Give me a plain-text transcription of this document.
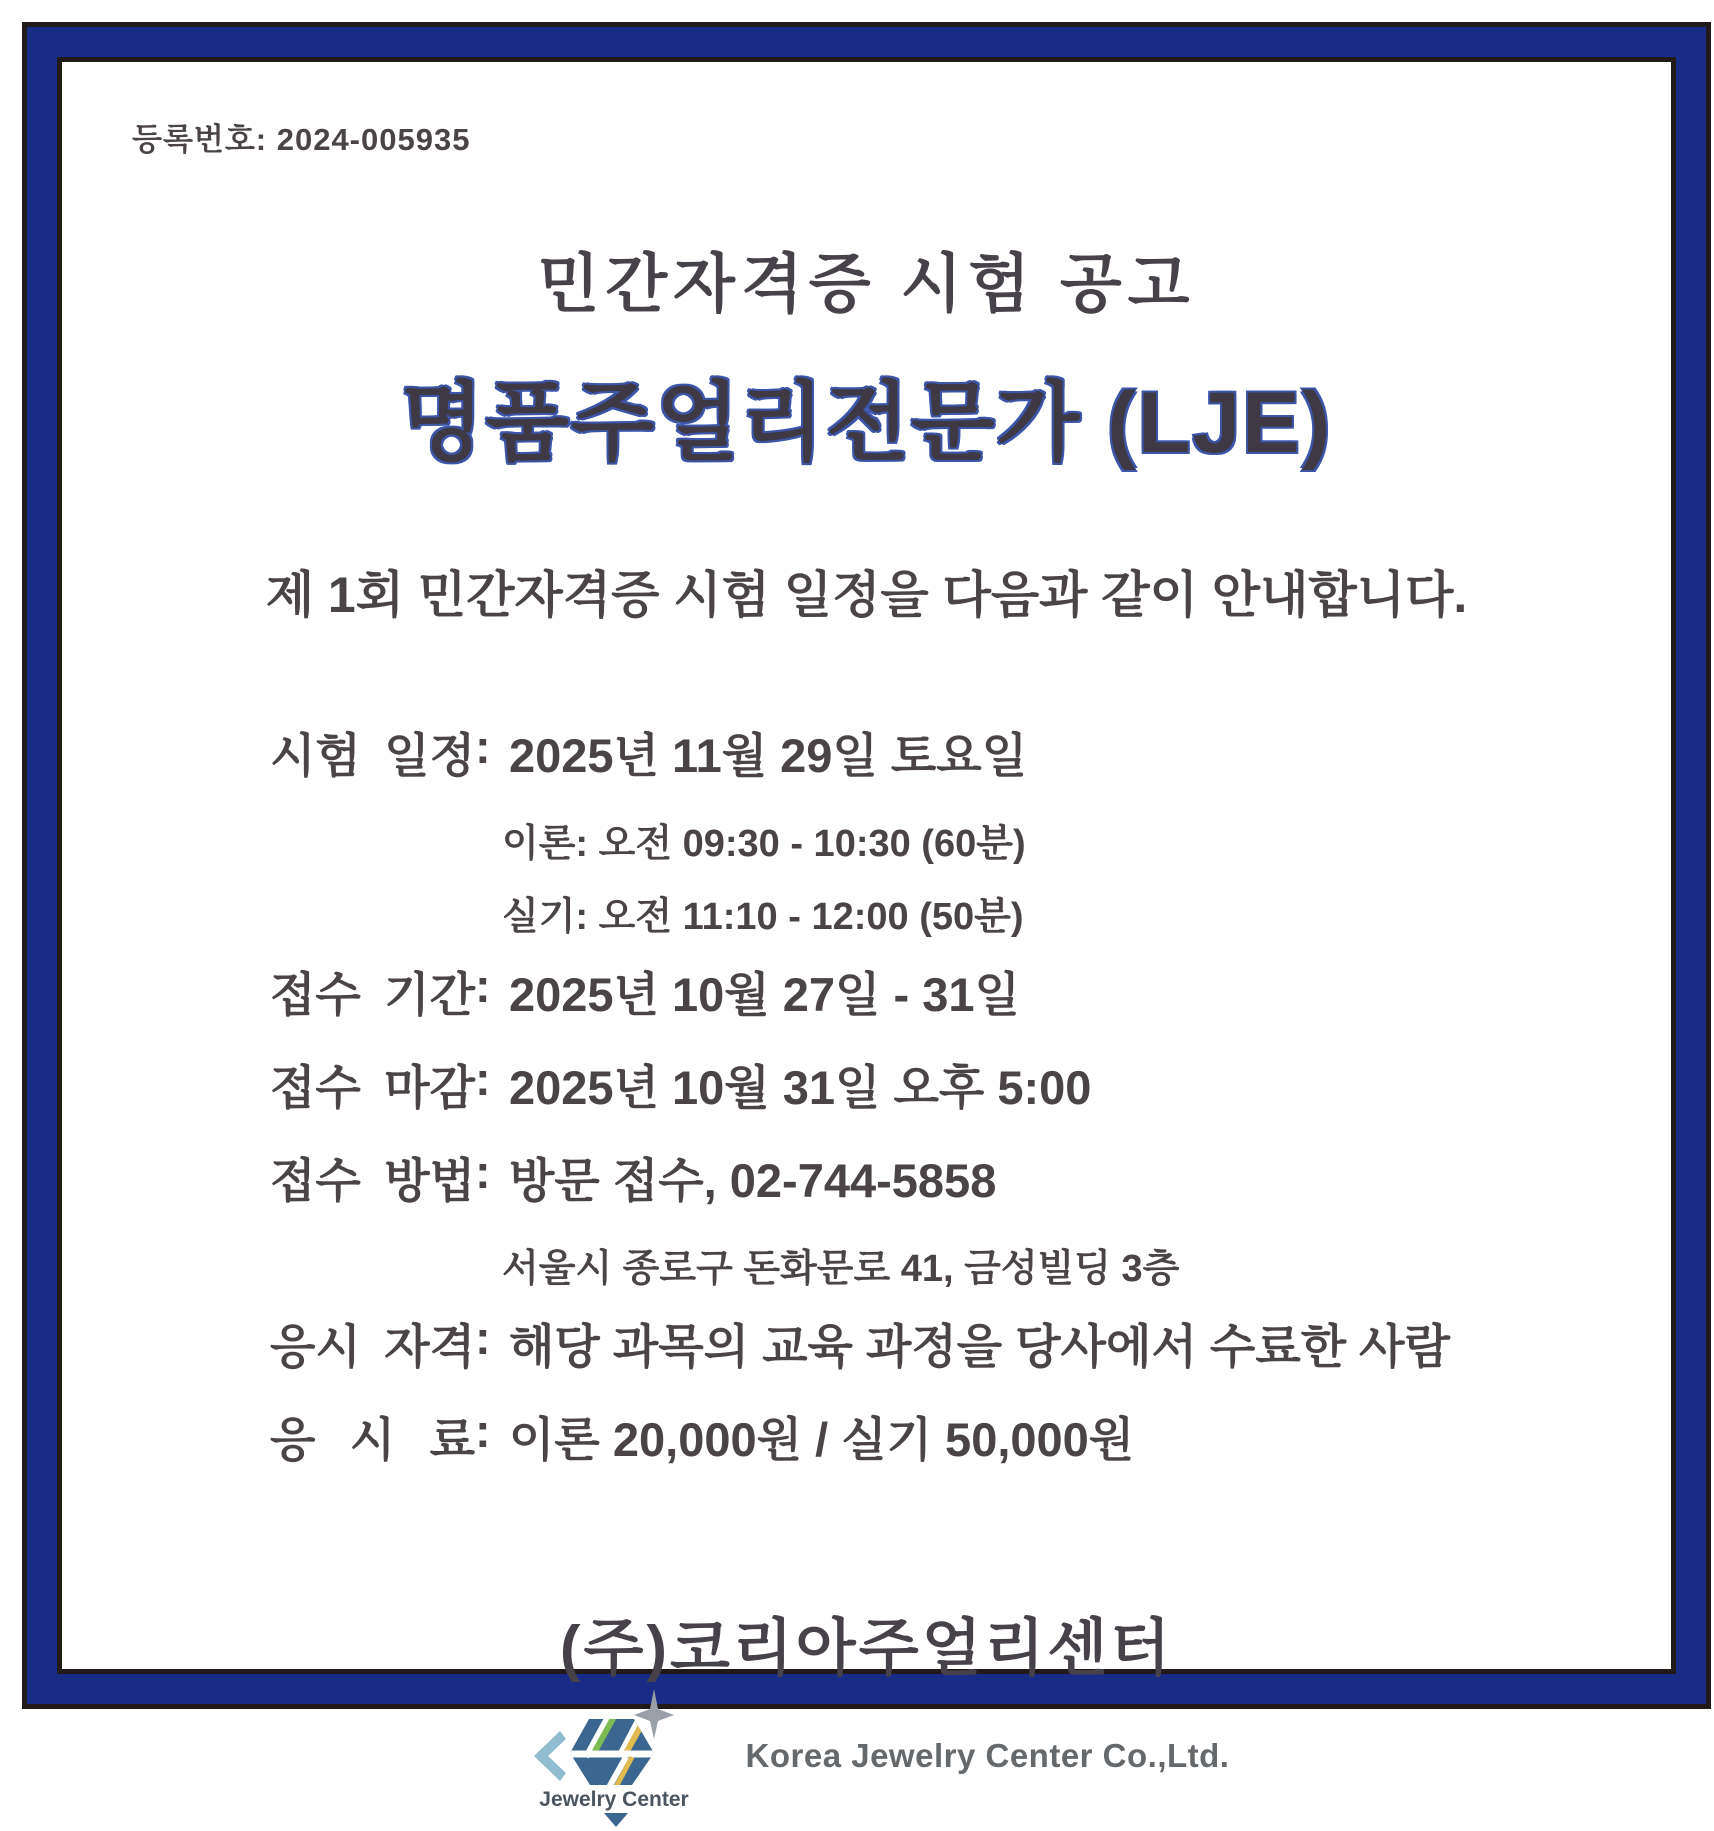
등록번호: 2024-005935
민간자격증 시험 공고
명품주얼리전문가 (LJE)
제 1회 민간자격증 시험 일정을 다음과 같이 안내합니다.
시험 일정 : 2025년 11월 29일 토요일
이론: 오전 09:30 - 10:30 (60분)
실기: 오전 11:10 - 12:00 (50분)
접수 기간 : 2025년 10월 27일 - 31일
접수 마감 : 2025년 10월 31일 오후 5:00
접수 방법 : 방문 접수, 02-744-5858
서울시 종로구 돈화문로 41, 금성빌딩 3층
응시 자격 : 해당 과목의 교육 과정을 당사에서 수료한 사람
응 시 료 : 이론 20,000원 / 실기 50,000원
(주)코리아주얼리센터
Jewelry Center
Korea Jewelry Center Co.,Ltd.
